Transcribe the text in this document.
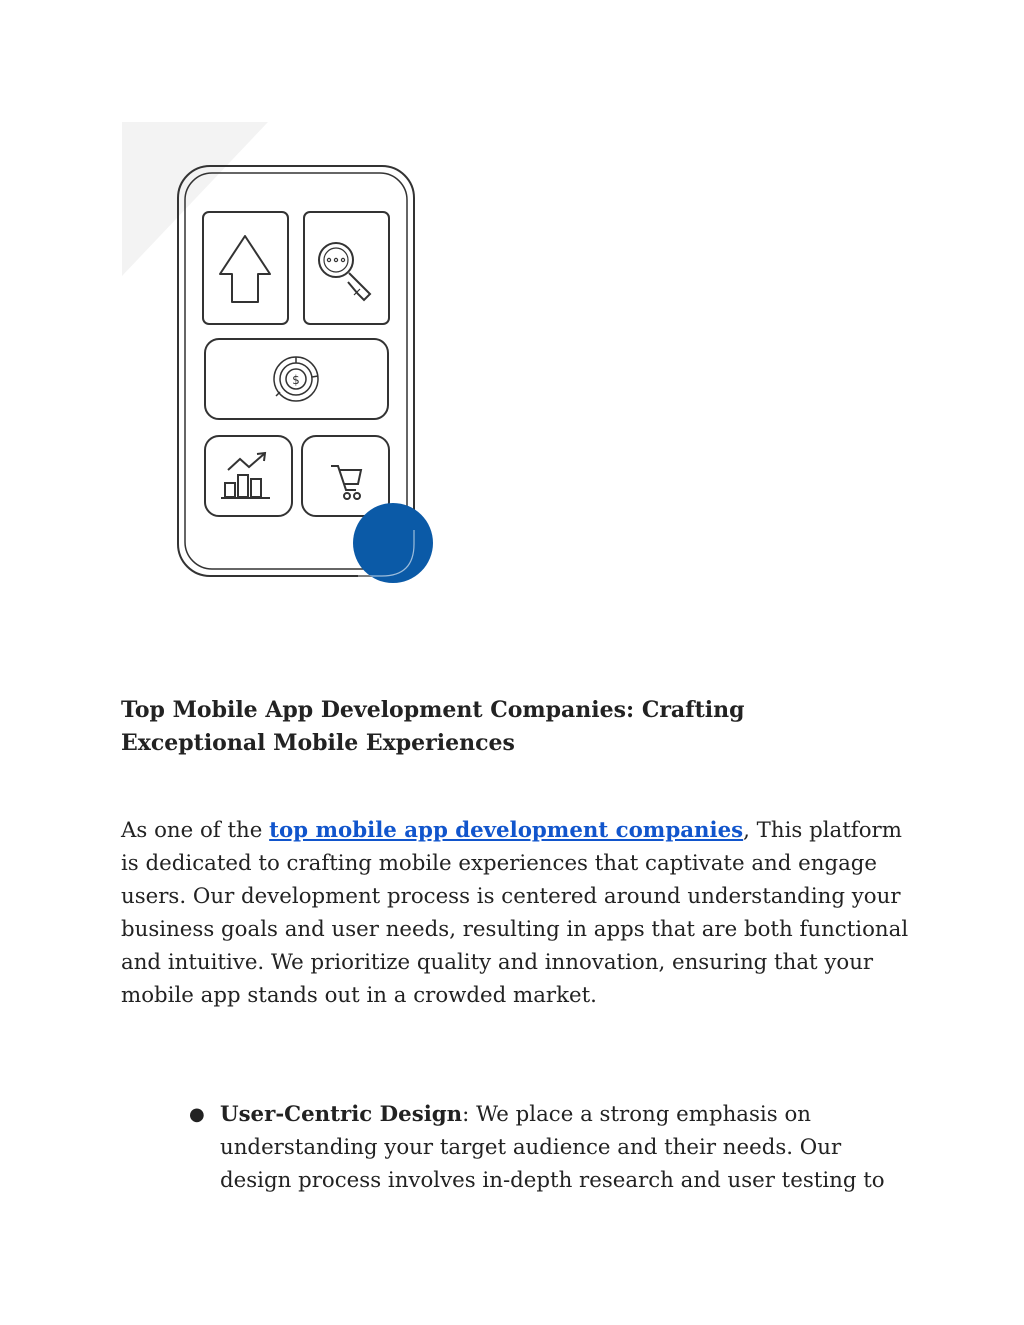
$
Top Mobile App Development Companies: Crafting
Exceptional Mobile Experiences

As one of the top mobile app development companies, This platform is dedicated to crafting mobile experiences that captivate and engage users. Our development process is centered around understanding your business goals and user needs, resulting in apps that are both functional and intuitive. We prioritize quality and innovation, ensuring that your mobile app stands out in a crowded market.

● User-Centric Design: We place a strong emphasis on understanding your target audience and their needs. Our design process involves in-depth research and user testing to
